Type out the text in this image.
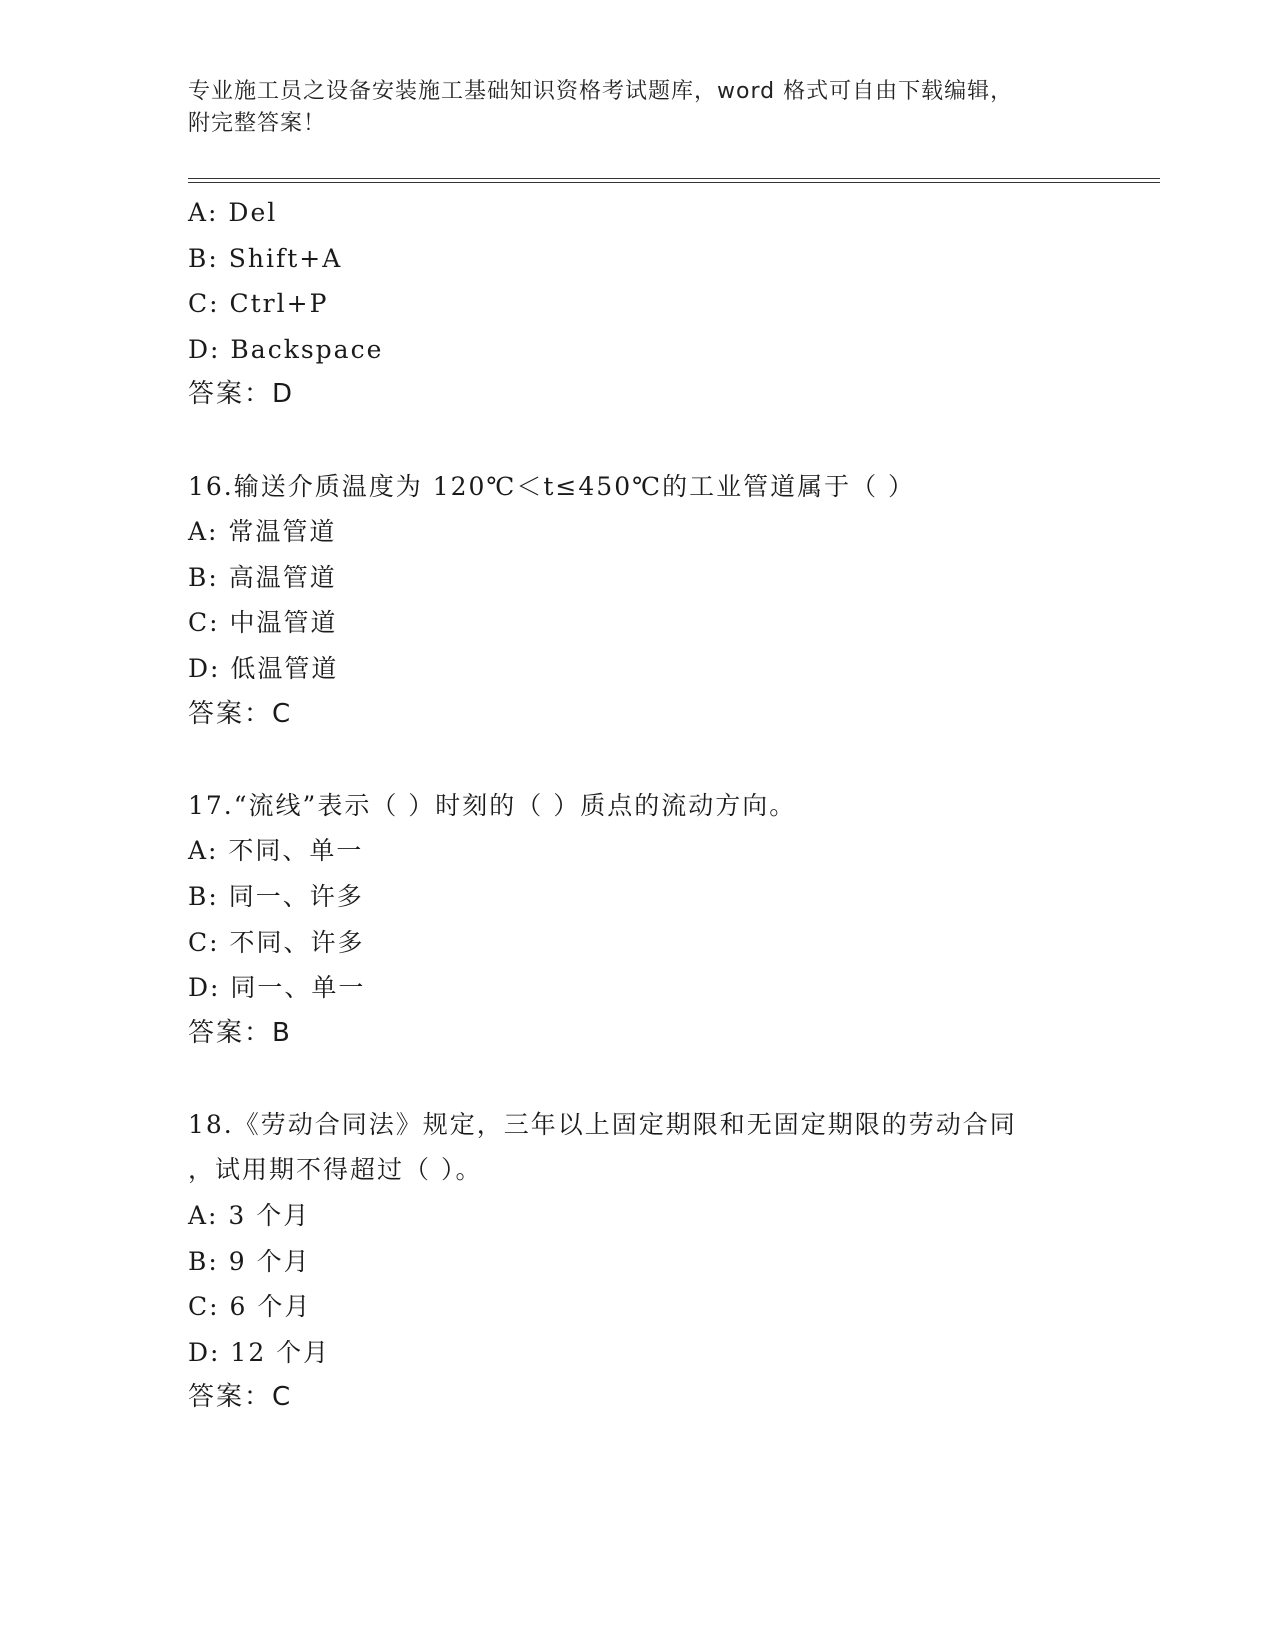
专业施工员之设备安装施工基础知识资格考试题库，word 格式可自由下载编辑，
附完整答案！
A: Del
B: Shift+A
C: Ctrl+P
D: Backspace
答案：D
16.输送介质温度为 120℃＜t≤450℃的工业管道属于（ ）
A: 常温管道
B: 高温管道
C: 中温管道
D: 低温管道
答案：C
17.“流线”表示（ ）时刻的（ ）质点的流动方向。
A: 不同、单一
B: 同一、许多
C: 不同、许多
D: 同一、单一
答案：B
18.《劳动合同法》规定，三年以上固定期限和无固定期限的劳动合同
，试用期不得超过（ ）。
A: 3 个月
B: 9 个月
C: 6 个月
D: 12 个月
答案：C
